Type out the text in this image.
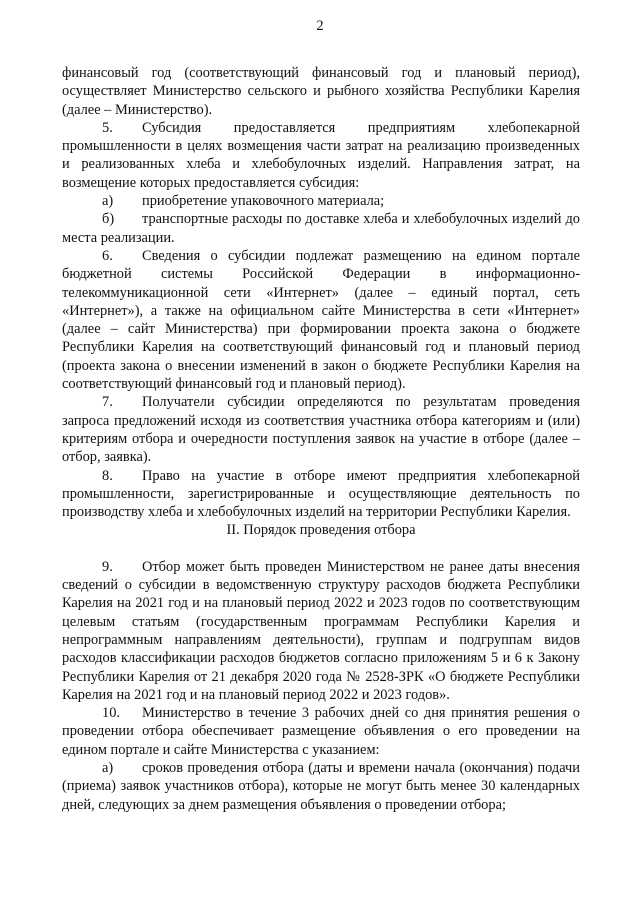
2

финансовый год (соответствующий финансовый год и плановый период), осуществляет Министерство сельского и рыбного хозяйства Республики Карелия (далее – Министерство).

5. Субсидия предоставляется предприятиям хлебопекарной промышленности в целях возмещения части затрат на реализацию произведенных и реализованных хлеба и хлебобулочных изделий. Направления затрат, на возмещение которых предоставляется субсидия:

а) приобретение упаковочного материала;

б) транспортные расходы по доставке хлеба и хлебобулочных изделий до места реализации.

6. Сведения о субсидии подлежат размещению на едином портале бюджетной системы Российской Федерации в информационно-телекоммуникационной сети «Интернет» (далее – единый портал, сеть «Интернет»), а также на официальном сайте Министерства в сети «Интернет» (далее – сайт Министерства) при формировании проекта закона о бюджете Республики Карелия на соответствующий финансовый год и плановый период (проекта закона о внесении изменений в закон о бюджете Республики Карелия на соответствующий финансовый год и плановый период).

7. Получатели субсидии определяются по результатам проведения запроса предложений исходя из соответствия участника отбора категориям и (или) критериям отбора и очередности поступления заявок на участие в отборе (далее – отбор, заявка).

8. Право на участие в отборе имеют предприятия хлебопекарной промышленности, зарегистрированные и осуществляющие деятельность по производству хлеба и хлебобулочных изделий на территории Республики Карелия.

II. Порядок проведения отбора

9. Отбор может быть проведен Министерством не ранее даты внесения сведений о субсидии в ведомственную структуру расходов бюджета Республики Карелия на 2021 год и на плановый период 2022 и 2023 годов по соответствующим целевым статьям (государственным программам Республики Карелия и непрограммным направлениям деятельности), группам и подгруппам видов расходов классификации расходов бюджетов согласно приложениям 5 и 6 к Закону Республики Карелия от 21 декабря 2020 года № 2528-ЗРК «О бюджете Республики Карелия на 2021 год и на плановый период 2022 и 2023 годов».

10. Министерство в течение 3 рабочих дней со дня принятия решения о проведении отбора обеспечивает размещение объявления о его проведении на едином портале и сайте Министерства с указанием:

а) сроков проведения отбора (даты и времени начала (окончания) подачи (приема) заявок участников отбора), которые не могут быть менее 30 календарных дней, следующих за днем размещения объявления о проведении отбора;
